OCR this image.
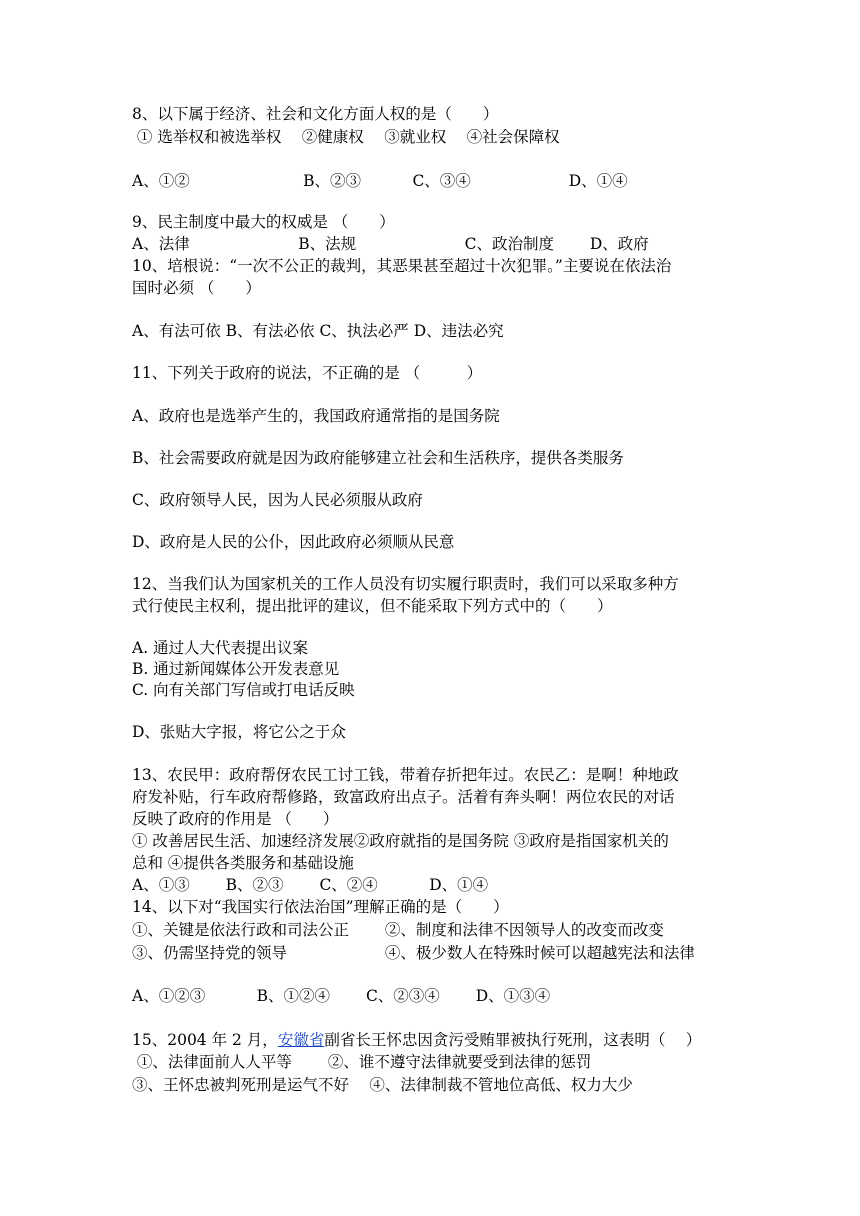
8、以下属于经济、社会和文化方面人权的是（　　）
① 选举权和被选举权　 ②健康权　 ③就业权　 ④社会保障权
A、①②　　　　　　　 B、②③　　　 C、③④　　　　　　 D、①④
9、民主制度中最大的权威是 （　　）
A、法律　　　　　　　B、法规　　　　　　　C、政治制度　　 D、政府
10、培根说：“一次不公正的裁判，其恶果甚至超过十次犯罪。”主要说在依法治
国时必须 （　　）
A、有法可依 B、有法必依 C、执法必严 D、违法必究
11、下列关于政府的说法，不正确的是 （　　　）
A、政府也是选举产生的，我国政府通常指的是国务院
B、社会需要政府就是因为政府能够建立社会和生活秩序，提供各类服务
C、政府领导人民，因为人民必须服从政府
D、政府是人民的公仆，因此政府必须顺从民意
12、当我们认为国家机关的工作人员没有切实履行职责时，我们可以采取多种方
式行使民主权利，提出批评的建议，但不能采取下列方式中的（　　）
A. 通过人大代表提出议案
B. 通过新闻媒体公开发表意见
C. 向有关部门写信或打电话反映
D、张贴大字报，将它公之于众
13、农民甲：政府帮伢农民工讨工钱，带着存折把年过。农民乙：是啊！种地政
府发补贴，行车政府帮修路，致富政府出点子。活着有奔头啊！两位农民的对话
反映了政府的作用是 （　　）
① 改善居民生活、加速经济发展②政府就指的是国务院 ③政府是指国家机关的
总和 ④提供各类服务和基础设施
A、①③　　 B、②③　　 C、②④　　　 D、①④
14、以下对“我国实行依法治国”理解正确的是（　　）
①、关键是依法行政和司法公正　　 ②、制度和法律不因领导人的改变而改变
③、仍需坚持党的领导　　　　　　 ④、极少数人在特殊时候可以超越宪法和法律
A、①②③　　　 B、①②④　　 C、②③④　　 D、①③④
15、2004 年 2 月，安徽省副省长王怀忠因贪污受贿罪被执行死刑，这表明（　 ）
①、法律面前人人平等　　 ②、谁不遵守法律就要受到法律的惩罚
③、王怀忠被判死刑是运气不好　 ④、法律制裁不管地位高低、权力大少
